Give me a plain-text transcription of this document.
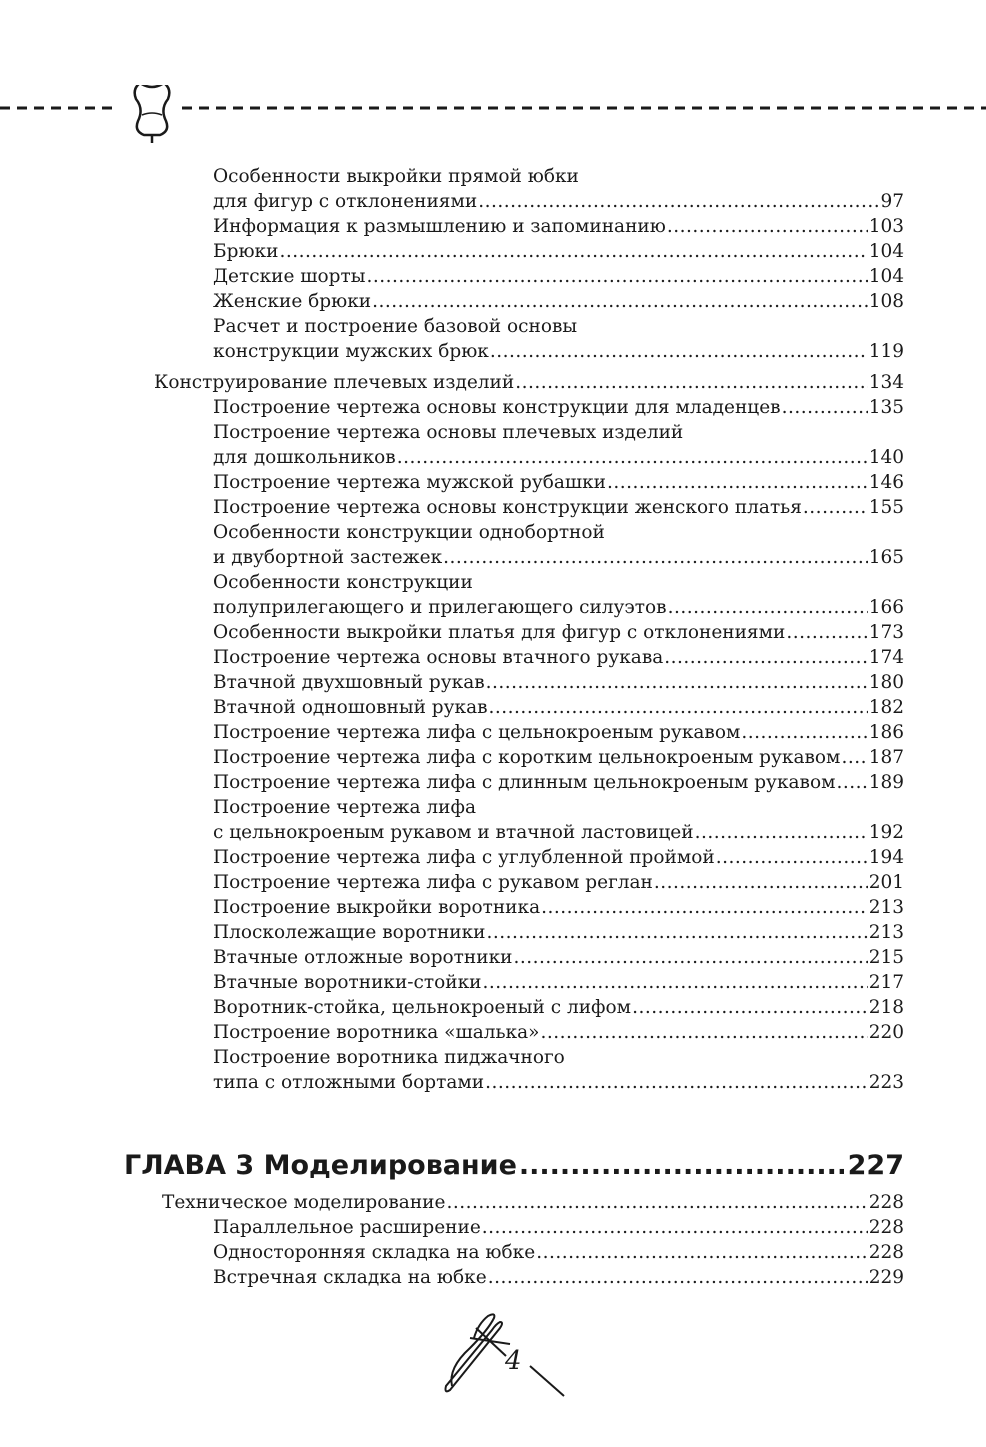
Особенности выкройки прямой юбки
для фигур с отклонениями .....	97
Информация к размышлению и запоминанию .....	103
Брюки .....	104
Детские шорты .....	104
Женские брюки .....	108
Расчет и построение базовой основы
конструкции мужских брюк .....	119
Конструирование плечевых изделий .....	134
Построение чертежа основы конструкции для младенцев .....	135
Построение чертежа основы плечевых изделий
для дошкольников .....	140
Построение чертежа мужской рубашки .....	146
Построение чертежа основы конструкции женского платья .....	155
Особенности конструкции однобортной
и двубортной застежек .....	165
Особенности конструкции
полуприлегающего и прилегающего силуэтов .....	166
Особенности выкройки платья для фигур с отклонениями .....	173
Построение чертежа основы втачного рукава .....	174
Втачной двухшовный рукав .....	180
Втачной одношовный рукав .....	182
Построение чертежа лифа с цельнокроеным рукавом .....	186
Построение чертежа лифа с коротким цельнокроеным рукавом ..... 187
Построение чертежа лифа с длинным цельнокроеным рукавом ..... 189
Построение чертежа лифа
с цельнокроеным рукавом и втачной ластовицей .....	192
Построение чертежа лифа с углубленной проймой .....	194
Построение чертежа лифа с рукавом реглан .....	201
Построение выкройки воротника .....	213
Плосколежащие воротники .....	213
Втачные отложные воротники .....	215
Втачные воротники-стойки .....	217
Воротник-стойка, цельнокроеный с лифом .....	218
Построение воротника «шалька» .....	220
Построение воротника пиджачного
типа с отложными бортами .....	223
ГЛАВА 3 Моделирование .....	227
Техническое моделирование .....	228
Параллельное расширение .....	228
Односторонняя складка на юбке .....	228
Встречная складка на юбке .....	229
4
